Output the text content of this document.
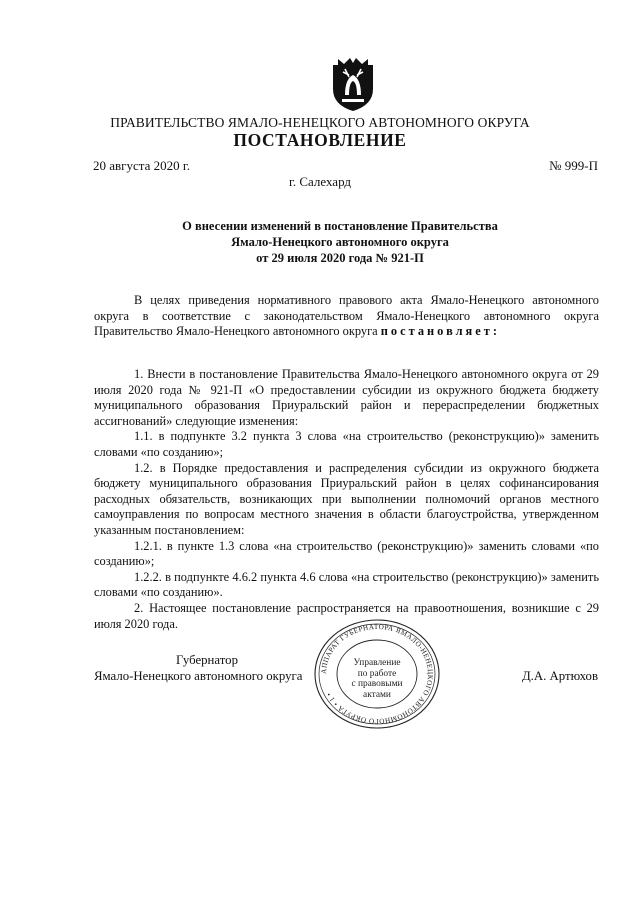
ПРАВИТЕЛЬСТВО ЯМАЛО-НЕНЕЦКОГО АВТОНОМНОГО ОКРУГА
ПОСТАНОВЛЕНИЕ
20 августа 2020 г.	№ 999-П
г. Салехард
О внесении изменений в постановление Правительства
Ямало-Ненецкого автономного округа
от 29 июля 2020 года № 921-П

В целях приведения нормативного правового акта Ямало-Ненецкого автономного округа в соответствие с законодательством Ямало-Ненецкого автономного округа Правительство Ямало-Ненецкого автономного округа постановляет:

1. Внести в постановление Правительства Ямало-Ненецкого автономного округа от 29 июля 2020 года № 921-П «О предоставлении субсидии из окружного бюджета бюджету муниципального образования Приуральский район и перераспределении бюджетных ассигнований» следующие изменения:

1.1. в подпункте 3.2 пункта 3 слова «на строительство (реконструкцию)» заменить словами «по созданию»;

1.2. в Порядке предоставления и распределения субсидии из окружного бюджета бюджету муниципального образования Приуральский район в целях софинансирования расходных обязательств, возникающих при выполнении полномочий органов местного самоуправления по вопросам местного значения в области благоустройства, утвержденном указанным постановлением:

1.2.1. в пункте 1.3 слова «на строительство (реконструкцию)» заменить словами «по созданию»;

1.2.2. в подпункте 4.6.2 пункта 4.6 слова «на строительство (реконструкцию)» заменить словами «по созданию».

2. Настоящее постановление распространяется на правоотношения, возникшие с 29 июля 2020 года.

Губернатор
Ямало-Ненецкого автономного округа	Д.А. Артюхов
АППАРАТ ГУБЕРНАТОРА ЯМАЛО-НЕНЕЦКОГО АВТОНОМНОГО ОКРУГА • 1 •
Управление
по работе
с правовыми
актами
